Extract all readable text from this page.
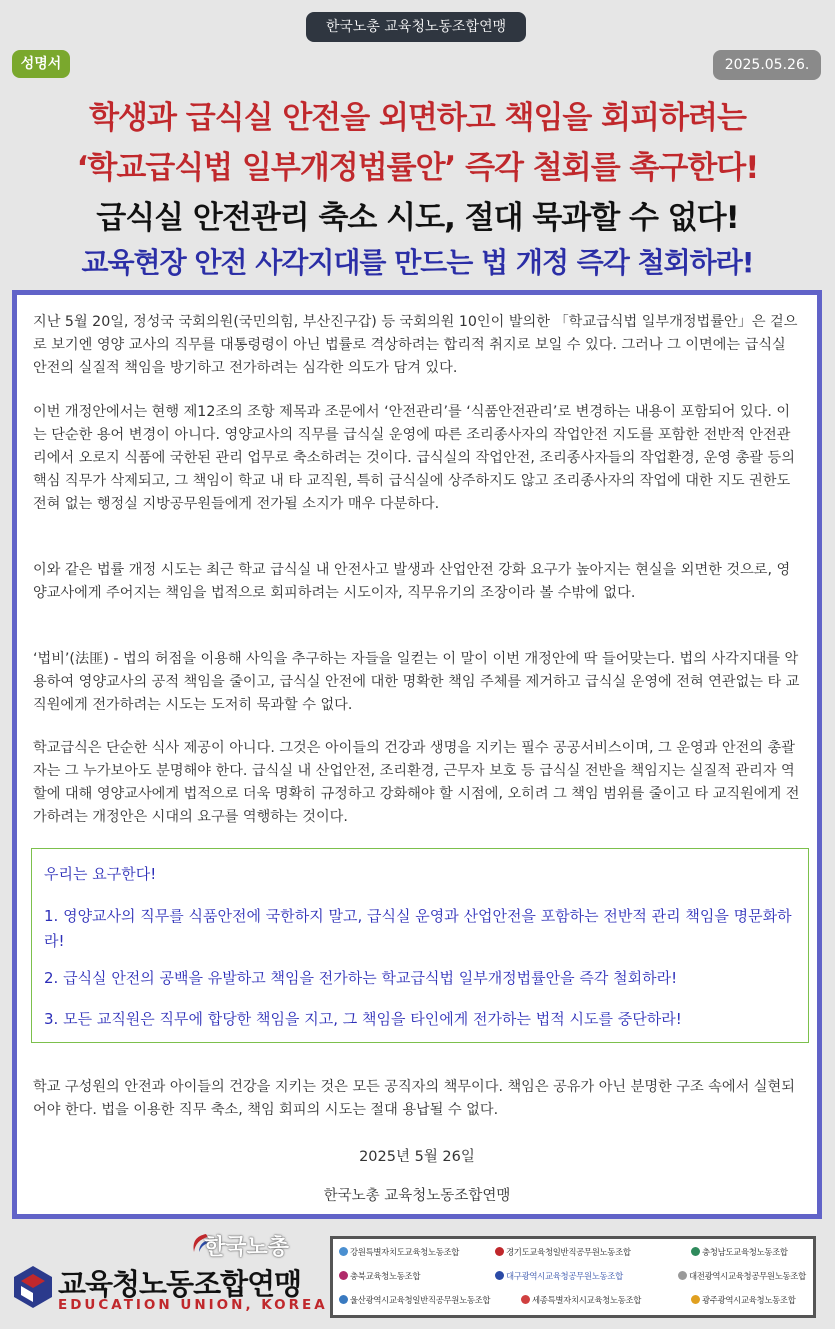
한국노총 교육청노동조합연맹
성명서	2025.05.26.
학생과 급식실 안전을 외면하고 책임을 회피하려는
‘학교급식법 일부개정법률안’ 즉각 철회를 촉구한다!
급식실 안전관리 축소 시도, 절대 묵과할 수 없다!
교육현장 안전 사각지대를 만드는 법 개정 즉각 철회하라!

지난 5월 20일, 정성국 국회의원(국민의힘, 부산진구갑) 등 국회의원 10인이 발의한 「학교급식법 일부개정법률안」은 겉으로 보기엔 영양 교사의 직무를 대통령령이 아닌 법률로 격상하려는 합리적 취지로 보일 수 있다. 그러나 그 이면에는 급식실 안전의 실질적 책임을 방기하고 전가하려는 심각한 의도가 담겨 있다.

이번 개정안에서는 현행 제12조의 조항 제목과 조문에서 ‘안전관리’를 ‘식품안전관리’로 변경하는 내용이 포함되어 있다. 이는 단순한 용어 변경이 아니다. 영양교사의 직무를 급식실 운영에 따른 조리종사자의 작업안전 지도를 포함한 전반적 안전관리에서 오로지 식품에 국한된 관리 업무로 축소하려는 것이다. 급식실의 작업안전, 조리종사자들의 작업환경, 운영 총괄 등의 핵심 직무가 삭제되고, 그 책임이 학교 내 타 교직원, 특히 급식실에 상주하지도 않고 조리종사자의 작업에 대한 지도 권한도 전혀 없는 행정실 지방공무원들에게 전가될 소지가 매우 다분하다.

이와 같은 법률 개정 시도는 최근 학교 급식실 내 안전사고 발생과 산업안전 강화 요구가 높아지는 현실을 외면한 것으로, 영양교사에게 주어지는 책임을 법적으로 회피하려는 시도이자, 직무유기의 조장이라 볼 수밖에 없다.

‘법비’(法匪) - 법의 허점을 이용해 사익을 추구하는 자들을 일컫는 이 말이 이번 개정안에 딱 들어맞는다. 법의 사각지대를 악용하여 영양교사의 공적 책임을 줄이고, 급식실 안전에 대한 명확한 책임 주체를 제거하고 급식실 운영에 전혀 연관없는 타 교직원에게 전가하려는 시도는 도저히 묵과할 수 없다.

학교급식은 단순한 식사 제공이 아니다. 그것은 아이들의 건강과 생명을 지키는 필수 공공서비스이며, 그 운영과 안전의 총괄자는 그 누가보아도 분명해야 한다. 급식실 내 산업안전, 조리환경, 근무자 보호 등 급식실 전반을 책임지는 실질적 관리자 역할에 대해 영양교사에게 법적으로 더욱 명확히 규정하고 강화해야 할 시점에, 오히려 그 책임 범위를 줄이고 타 교직원에게 전가하려는 개정안은 시대의 요구를 역행하는 것이다.

우리는 요구한다!

1. 영양교사의 직무를 식품안전에 국한하지 말고, 급식실 운영과 산업안전을 포함하는 전반적 관리 책임을 명문화하라!

2. 급식실 안전의 공백을 유발하고 책임을 전가하는 학교급식법 일부개정법률안을 즉각 철회하라!

3. 모든 교직원은 직무에 합당한 책임을 지고, 그 책임을 타인에게 전가하는 법적 시도를 중단하라!

학교 구성원의 안전과 아이들의 건강을 지키는 것은 모든 공직자의 책무이다. 책임은 공유가 아닌 분명한 구조 속에서 실현되어야 한다. 법을 이용한 직무 축소, 책임 회피의 시도는 절대 용납될 수 없다.

2025년 5월 26일
한국노총 교육청노동조합연맹
한국노총
교육청노동조합연맹
EDUCATION UNION, KOREA
강원특별자치도교육청노동조합	경기도교육청일반직공무원노동조합	충청남도교육청노동조합
충북교육청노동조합	대구광역시교육청공무원노동조합	대전광역시교육청공무원노동조합
울산광역시교육청일반직공무원노동조합	세종특별자치시교육청노동조합	광주광역시교육청노동조합
